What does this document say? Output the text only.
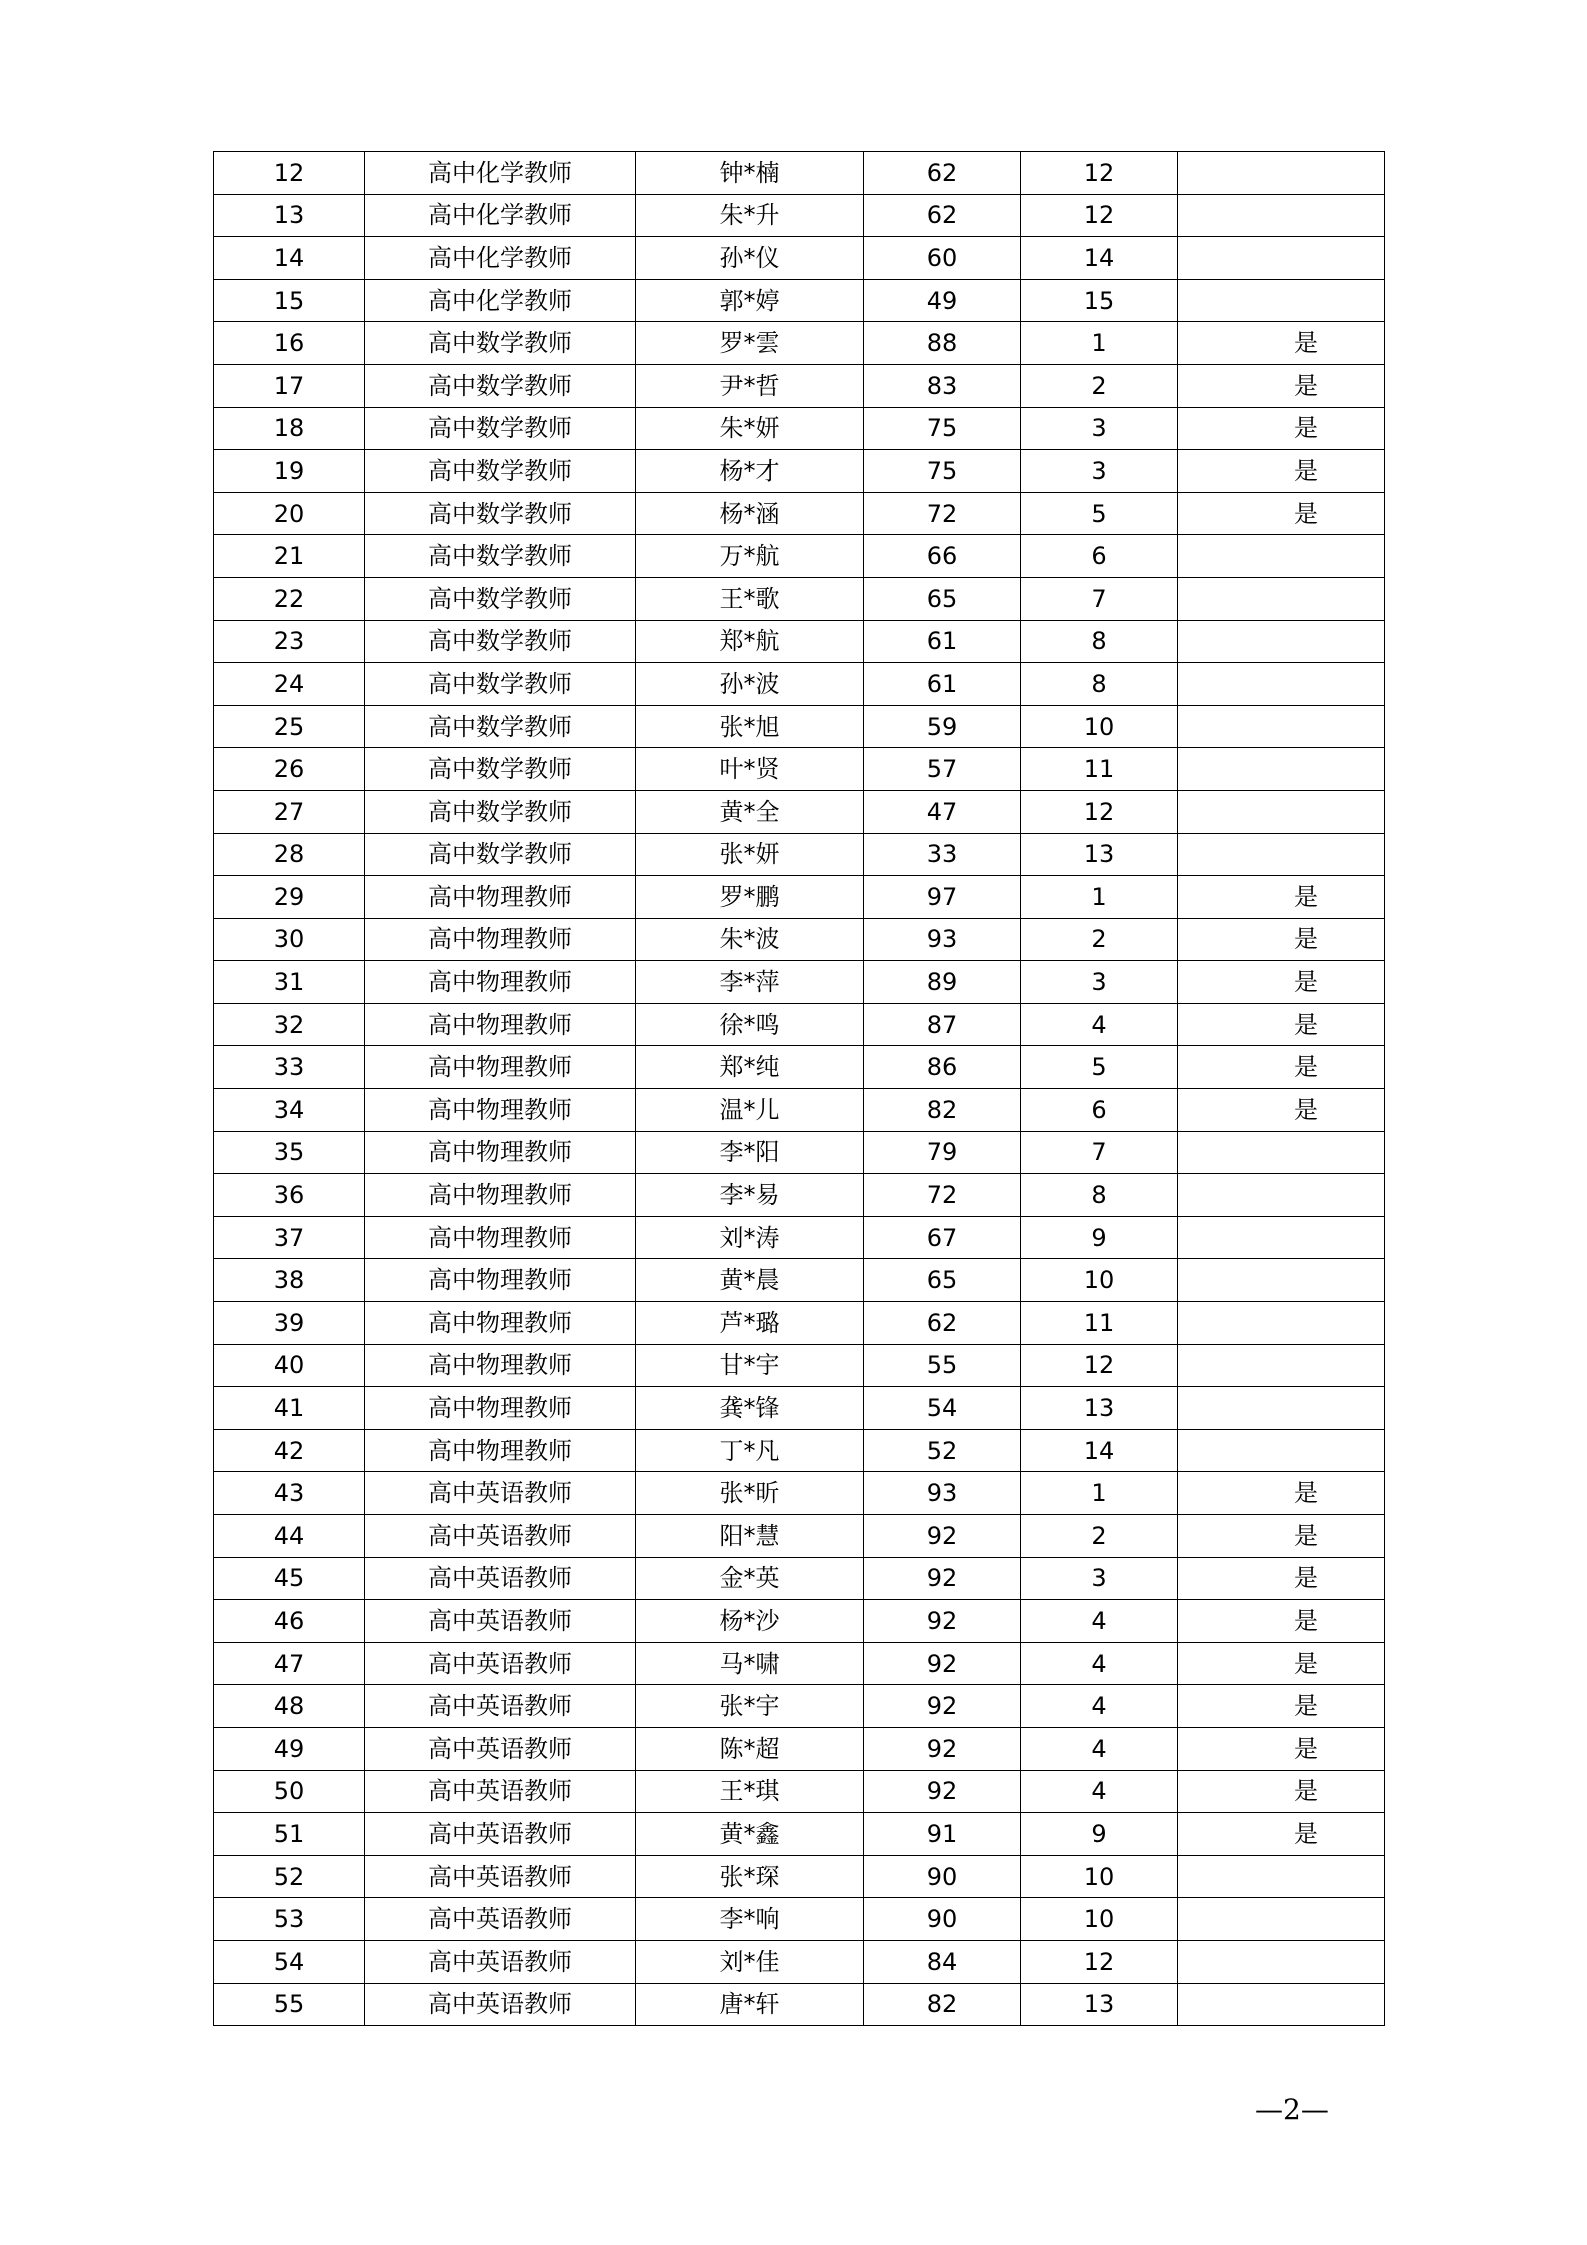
12	高中化学教师	钟*楠	62	12	
13	高中化学教师	朱*升	62	12	
14	高中化学教师	孙*仪	60	14	
15	高中化学教师	郭*婷	49	15	
16	高中数学教师	罗*雲	88	1	是
17	高中数学教师	尹*哲	83	2	是
18	高中数学教师	朱*妍	75	3	是
19	高中数学教师	杨*才	75	3	是
20	高中数学教师	杨*涵	72	5	是
21	高中数学教师	万*航	66	6	
22	高中数学教师	王*歌	65	7	
23	高中数学教师	郑*航	61	8	
24	高中数学教师	孙*波	61	8	
25	高中数学教师	张*旭	59	10	
26	高中数学教师	叶*贤	57	11	
27	高中数学教师	黄*全	47	12	
28	高中数学教师	张*妍	33	13	
29	高中物理教师	罗*鹏	97	1	是
30	高中物理教师	朱*波	93	2	是
31	高中物理教师	李*萍	89	3	是
32	高中物理教师	徐*鸣	87	4	是
33	高中物理教师	郑*纯	86	5	是
34	高中物理教师	温*儿	82	6	是
35	高中物理教师	李*阳	79	7	
36	高中物理教师	李*易	72	8	
37	高中物理教师	刘*涛	67	9	
38	高中物理教师	黄*晨	65	10	
39	高中物理教师	芦*璐	62	11	
40	高中物理教师	甘*宇	55	12	
41	高中物理教师	龚*锋	54	13	
42	高中物理教师	丁*凡	52	14	
43	高中英语教师	张*昕	93	1	是
44	高中英语教师	阳*慧	92	2	是
45	高中英语教师	金*英	92	3	是
46	高中英语教师	杨*沙	92	4	是
47	高中英语教师	马*啸	92	4	是
48	高中英语教师	张*宇	92	4	是
49	高中英语教师	陈*超	92	4	是
50	高中英语教师	王*琪	92	4	是
51	高中英语教师	黄*鑫	91	9	是
52	高中英语教师	张*琛	90	10	
53	高中英语教师	李*响	90	10	
54	高中英语教师	刘*佳	84	12	
55	高中英语教师	唐*轩	82	13	
—2—
